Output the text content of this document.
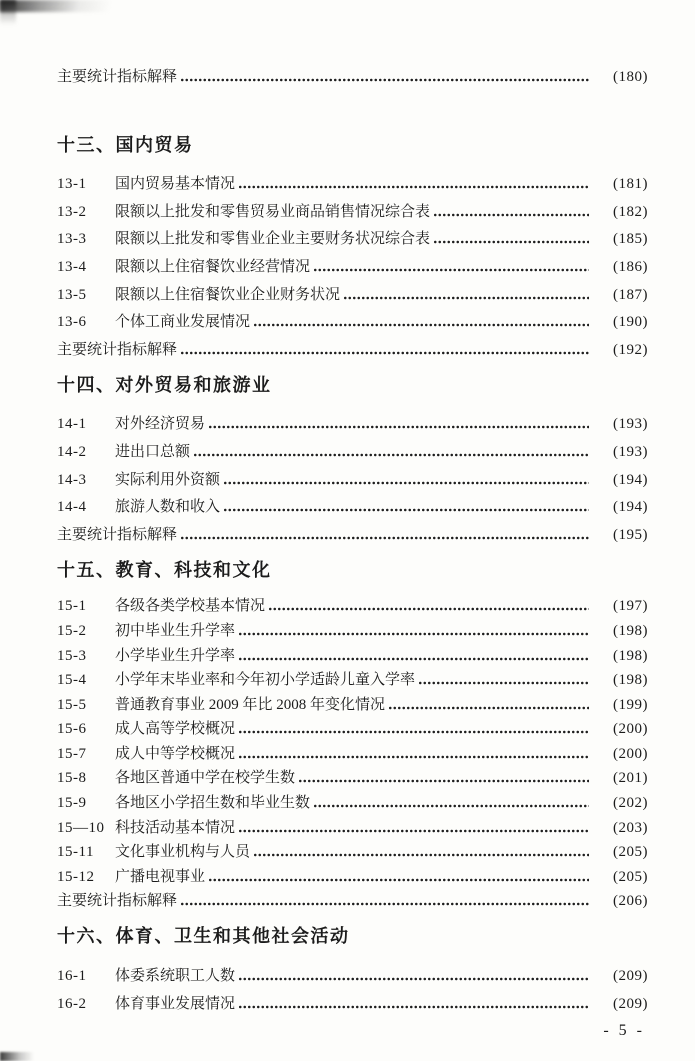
主要统计指标解释	(180)
十三、国内贸易
13-1	国内贸易基本情况	(181)
13-2	限额以上批发和零售贸易业商品销售情况综合表	(182)
13-3	限额以上批发和零售业企业主要财务状况综合表	(185)
13-4	限额以上住宿餐饮业经营情况	(186)
13-5	限额以上住宿餐饮业企业财务状况	(187)
13-6	个体工商业发展情况	(190)
主要统计指标解释	(192)
十四、对外贸易和旅游业
14-1	对外经济贸易	(193)
14-2	进出口总额	(193)
14-3	实际利用外资额	(194)
14-4	旅游人数和收入	(194)
主要统计指标解释	(195)
十五、教育、科技和文化
15-1	各级各类学校基本情况	(197)
15-2	初中毕业生升学率	(198)
15-3	小学毕业生升学率	(198)
15-4	小学年末毕业率和今年初小学适龄儿童入学率	(198)
15-5	普通教育事业 2009 年比 2008 年变化情况	(199)
15-6	成人高等学校概况	(200)
15-7	成人中等学校概况	(200)
15-8	各地区普通中学在校学生数	(201)
15-9	各地区小学招生数和毕业生数	(202)
15—10 科技活动基本情况	(203)
15-11	文化事业机构与人员	(205)
15-12	广播电视事业	(205)
主要统计指标解释	(206)
十六、体育、卫生和其他社会活动
16-1	体委系统职工人数	(209)
16-2	体育事业发展情况	(209)
- 5 -
